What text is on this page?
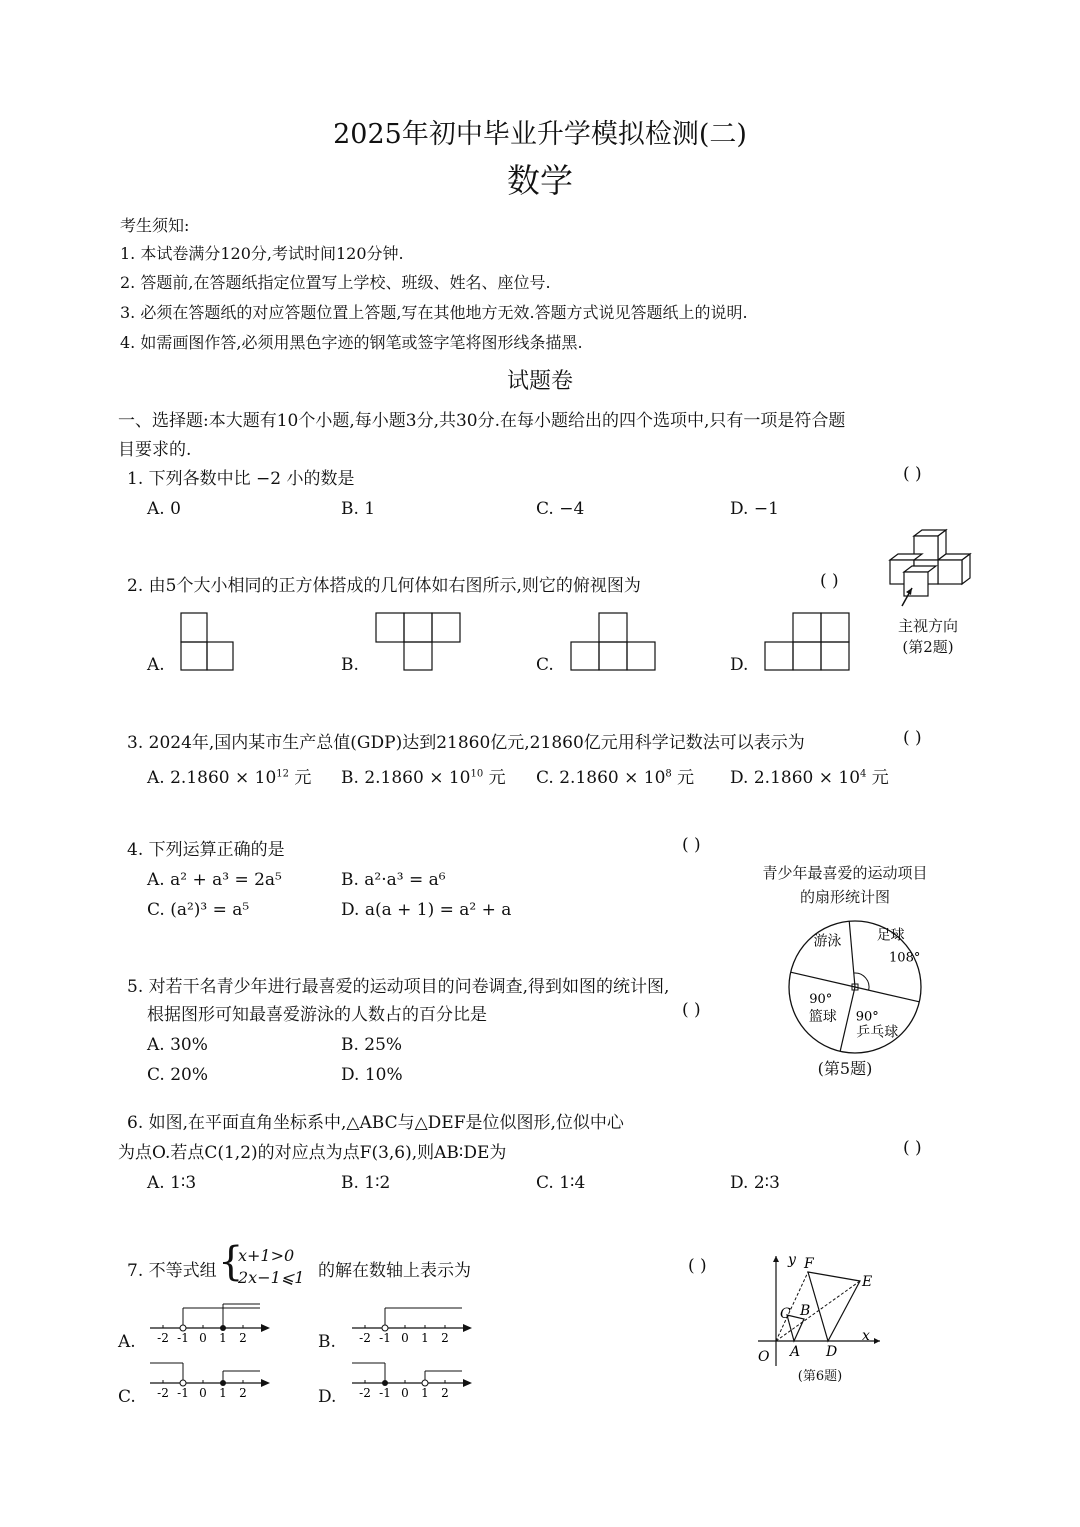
2025年初中毕业升学模拟检测(二)
数学
考生须知:
1. 本试卷满分120分,考试时间120分钟.
2. 答题前,在答题纸指定位置写上学校、班级、姓名、座位号.
3. 必须在答题纸的对应答题位置上答题,写在其他地方无效.答题方式说见答题纸上的说明.
4. 如需画图作答,必须用黑色字迹的钢笔或签字笔将图形线条描黑.
试题卷
一、选择题:本大题有10个小题,每小题3分,共30分.在每小题给出的四个选项中,只有一项是符合题
目要求的.
1. 下列各数中比 −2 小的数是	( )
A. 0	B. 1	C. −4	D. −1
2. 由5个大小相同的正方体搭成的几何体如右图所示,则它的俯视图为	( )
主视方向
(第2题)
A.	B.	C.	D.
3. 2024年,国内某市生产总值(GDP)达到21860亿元,21860亿元用科学记数法可以表示为	( )
A. $2.1860 \times 10^{12}$ 元 B. $2.1860 \times 10^{10}$ 元 C. $2.1860 \times 10^8$ 元 D. $2.1860 \times 10^4$ 元
4. 下列运算正确的是	( )
A. a² + a³ = 2a⁵	B. a²·a³ = a⁶
C. (a²)³ = a⁵	D. a(a + 1) = a² + a
青少年最喜爱的运动项目
的扇形统计图
足球
108°
乒乓球
90°
篮球
90°
游泳
(第5题)
5. 对若干名青少年进行最喜爱的运动项目的问卷调查,得到如图的统计图,
根据图形可知最喜爱游泳的人数占的百分比是	( )
A. 30%	B. 25%
C. 20%	D. 10%
6. 如图,在平面直角坐标系中,△ABC与△DEF是位似图形,位似中心
为点O.若点C(1,2)的对应点为点F(3,6),则AB∶DE为	( )
A. 1∶3	B. 1∶2	C. 1∶4	D. 2∶3
7. 不等式组 {
x+1>0
2x−1⩽1 的解在数轴上表示为	( )
A. -2 -1 0 1 2	B. -2 -1 0 1 2
C. -2 -1 0 1 2	D. -2 -1 0 1 2
y F
E
C B
x
O A D
(第6题)
